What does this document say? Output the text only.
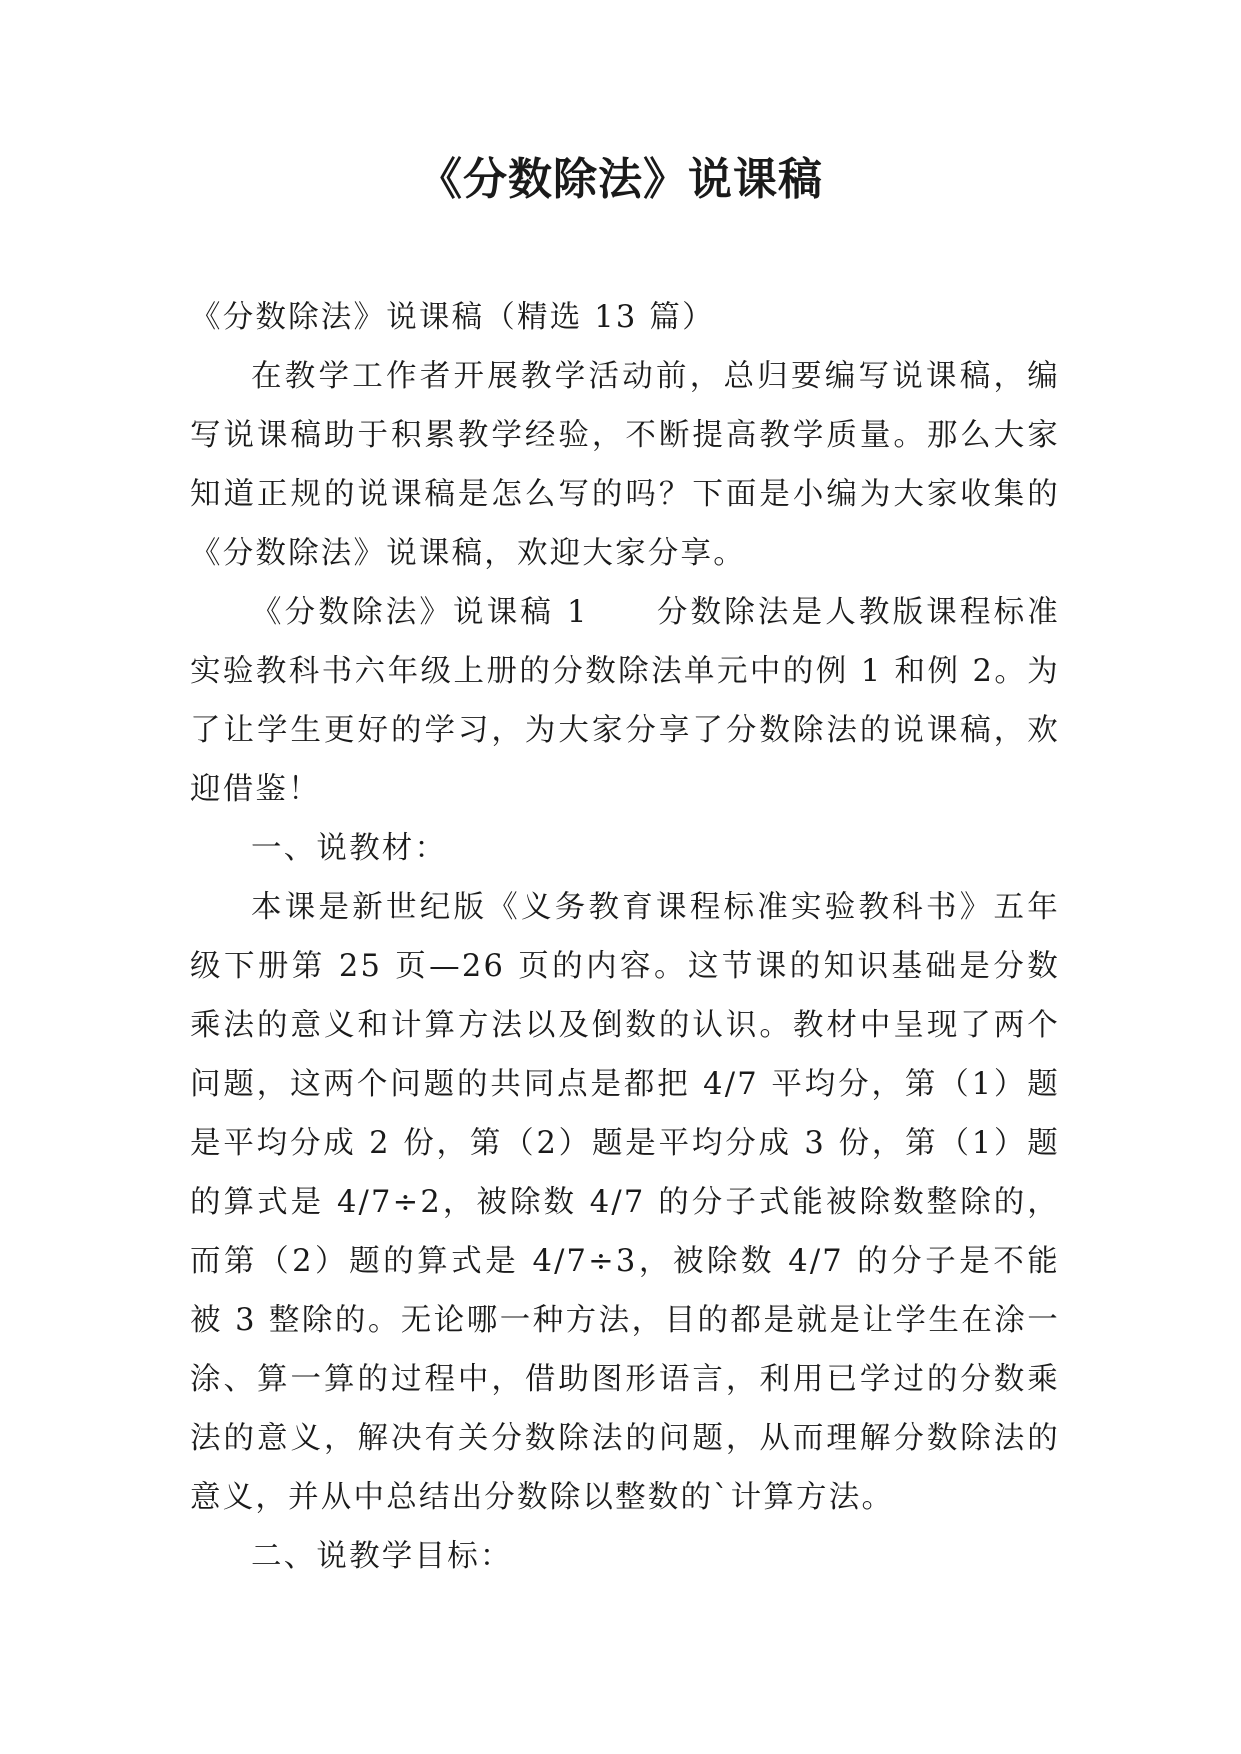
《分数除法》说课稿

《分数除法》说课稿（精选 13 篇）

在教学工作者开展教学活动前，总归要编写说课稿，编写说课稿助于积累教学经验，不断提高教学质量。那么大家知道正规的说课稿是怎么写的吗？下面是小编为大家收集的《分数除法》说课稿，欢迎大家分享。

《分数除法》说课稿 1　　分数除法是人教版课程标准实验教科书六年级上册的分数除法单元中的例 1 和例 2。为了让学生更好的学习，为大家分享了分数除法的说课稿，欢迎借鉴！

一、说教材：

本课是新世纪版《义务教育课程标准实验教科书》五年级下册第 25 页—26 页的内容。这节课的知识基础是分数乘法的意义和计算方法以及倒数的认识。教材中呈现了两个问题，这两个问题的共同点是都把 4/7 平均分，第（1）题是平均分成 2 份，第（2）题是平均分成 3 份，第（1）题的算式是 4/7÷2，被除数 4/7 的分子式能被除数整除的，而第（2）题的算式是 4/7÷3，被除数 4/7 的分子是不能被 3 整除的。无论哪一种方法，目的都是就是让学生在涂一涂、算一算的过程中，借助图形语言，利用已学过的分数乘法的意义，解决有关分数除法的问题，从而理解分数除法的意义，并从中总结出分数除以整数的`计算方法。

二、说教学目标：
